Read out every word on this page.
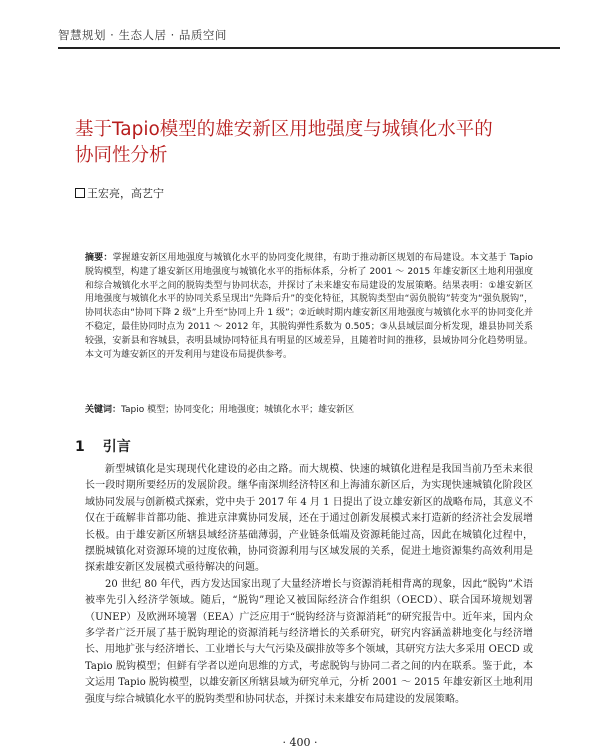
智慧规划 · 生态人居 · 品质空间
基于Tapio模型的雄安新区用地强度与城镇化水平的协同性分析
王宏亮，高艺宁
摘要：掌握雄安新区用地强度与城镇化水平的协同变化规律，有助于推动新区规划的布局建设。本文基于 Tapio 脱钩模型，构建了雄安新区用地强度与城镇化水平的指标体系，分析了 2001 ～ 2015 年雄安新区土地利用强度和综合城镇化水平之间的脱钩类型与协同状态，并探讨了未来雄安布局建设的发展策略。结果表明：①雄安新区用地强度与城镇化水平的协同关系呈现出“先降后升”的变化特征，其脱钩类型由“弱负脱钩”转变为“强负脱钩”，协同状态由“协同下降 2 级”上升至“协同上升 1 级”；②近峡时期内雄安新区用地强度与城镇化水平的协同变化并不稳定，最佳协同时点为 2011 ～ 2012 年，其脱钩弹性系数为 0.505；③从县域层面分析发现，雄县协同关系较强，安新县和容城县，表明县域协同特征具有明显的区域差异，且随着时间的推移，县域协同分化趋势明显。本文可为雄安新区的开发利用与建设布局提供参考。
关键词：Tapio 模型；协同变化；用地强度；城镇化水平；雄安新区
1 引言

新型城镇化是实现现代化建设的必由之路。而大规模、快速的城镇化进程是我国当前乃至未来很长一段时期所要经历的发展阶段。继华南深圳经济特区和上海浦东新区后，为实现快速城镇化阶段区域协同发展与创新模式探索，党中央于 2017 年 4 月 1 日提出了设立雄安新区的战略布局，其意义不仅在于疏解非首都功能、推进京津冀协同发展，还在于通过创新发展模式来打造新的经济社会发展增长极。由于雄安新区所辖县域经济基础薄弱，产业链条低端及资源耗能过高，因此在城镇化过程中，摆脱城镇化对资源环境的过度依赖，协同资源利用与区域发展的关系，促进土地资源集约高效利用是探索雄安新区发展模式亟待解决的问题。

20 世纪 80 年代，西方发达国家出现了大量经济增长与资源消耗相背离的现象，因此“脱钩”术语被率先引入经济学领域。随后，“脱钩”理论又被国际经济合作组织（OECD）、联合国环境规划署（UNEP）及欧洲环境署（EEA）广泛应用于“脱钩经济与资源消耗”的研究报告中。近年来，国内众多学者广泛开展了基于脱钩理论的资源消耗与经济增长的关系研究，研究内容涵盖耕地变化与经济增长、用地扩张与经济增长、工业增长与大气污染及碳排放等多个领域，其研究方法大多采用 OECD 或 Tapio 脱钩模型；但鲜有学者以逆向思维的方式，考虑脱钩与协同二者之间的内在联系。鉴于此，本文运用 Tapio 脱钩模型，以雄安新区所辖县域为研究单元，分析 2001 ～ 2015 年雄安新区土地利用强度与综合城镇化水平的脱钩类型和协同状态，并探讨未来雄安布局建设的发展策略。

· 400 ·
